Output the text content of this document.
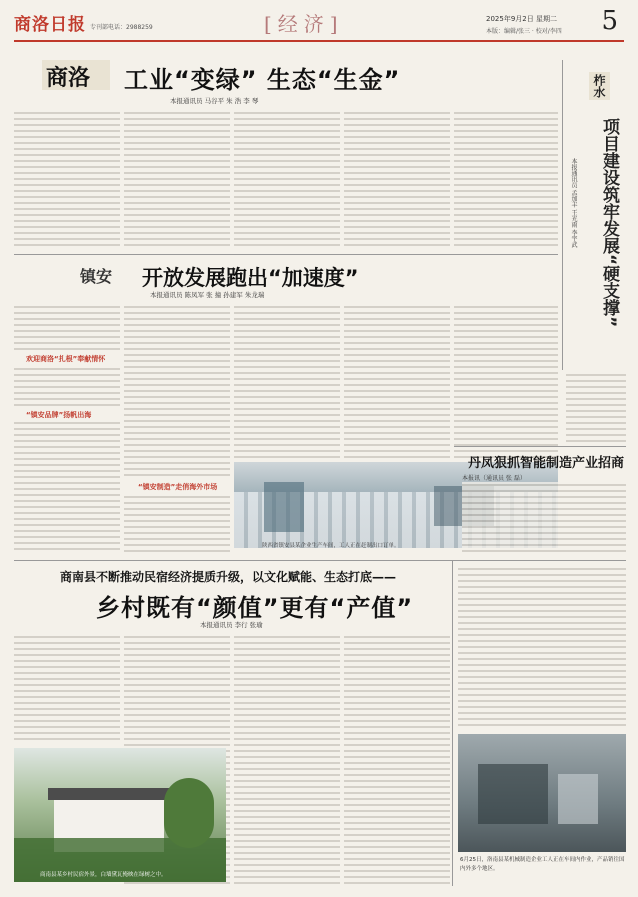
商洛日报 专刊部电话：2988259	[经济]	2025年9月2日 星期二
本版：编辑/张三 · 校对/李四 5
商洛 工业“变绿” 生态“生金”
本报通讯员 马谷平 朱 浩 李 琴
镇安 开放发展跑出“加速度”
本报通讯员 陈凤军 张 撞 孙建军 朱龙瑞
欢迎商洛“扎根”奉献情怀
“镇安品牌”扬帆出海
“镇安制造”走俏海外市场
陕西省镇安县某企业生产车间，工人正在赶制出口订单。
柞水
项目建设筑牢发展“硬支撑”
本报通讯员 孟加丰 王光雨 李宇武
丹凤狠抓智能制造产业招商
本报讯（通讯员 张 磊）
商南县不断推动民宿经济提质升级，以文化赋能、生态打底——
乡村既有“颜值”更有“产值”
本报通讯员 李行 张瑜
商南县某乡村民宿外景，白墙黛瓦掩映在绿树之中。
6月25日，洛南县某机械制造企业工人正在车间内作业，产品销往国内外多个地区。
